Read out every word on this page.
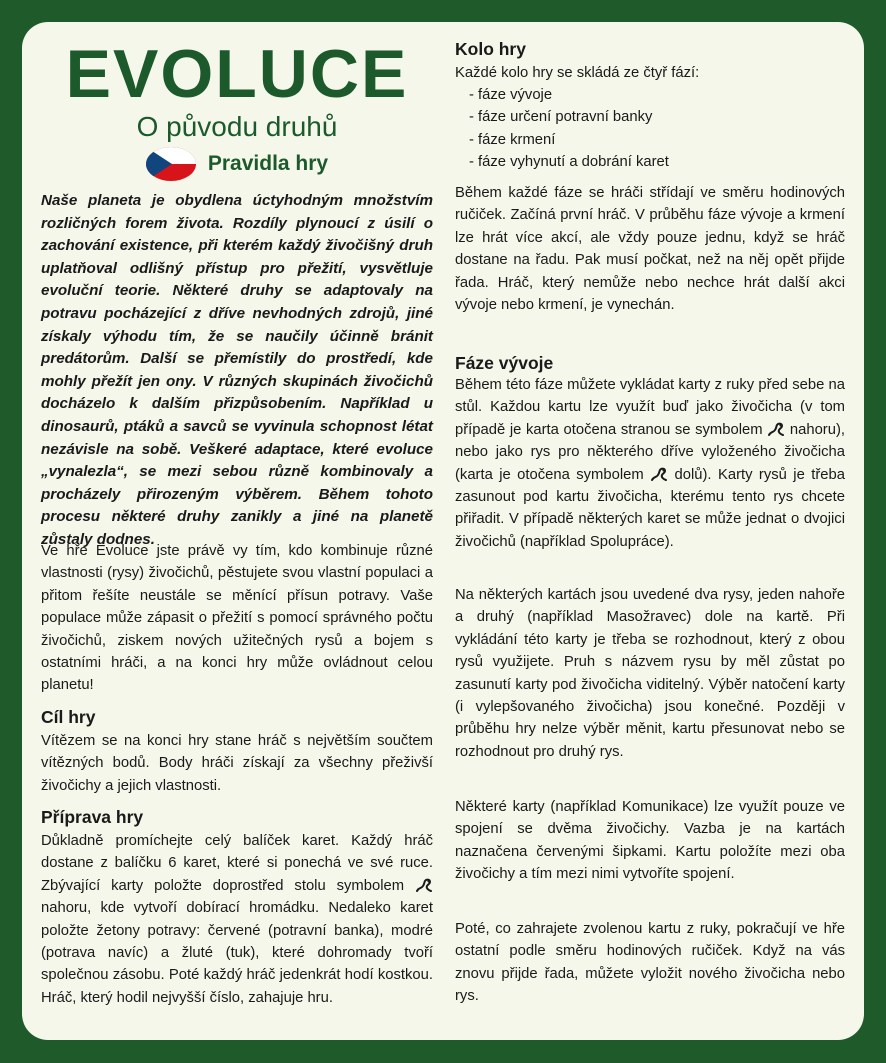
EVOLUCE
O původu druhů
Pravidla hry

Naše planeta je obydlena úctyhodným množstvím rozličných forem života. Rozdíly plynoucí z úsilí o zachování existence, při kterém každý živočišný druh uplatňoval odlišný přístup pro přežití, vysvětluje evoluční teorie. Některé druhy se adaptovaly na potravu pocházející z dříve nevhodných zdrojů, jiné získaly výhodu tím, že se naučily účinně bránit predátorům. Další se přemístily do prostředí, kde mohly přežít jen ony. V různých skupinách živočichů docházelo k dalším přizpůsobením. Například u dinosaurů, ptáků a savců se vyvinula schopnost létat nezávisle na sobě. Veškeré adaptace, které evoluce „vynalezla“, se mezi sebou různě kombinovaly a procházely přirozeným výběrem. Během tohoto procesu některé druhy zanikly a jiné na planetě zůstaly dodnes.

Ve hře Evoluce jste právě vy tím, kdo kombinuje různé vlastnosti (rysy) živočichů, pěstujete svou vlastní populaci a přitom řešíte neustále se měnící přísun potravy. Vaše populace může zápasit o přežití s pomocí správného počtu živočichů, ziskem nových užitečných rysů a bojem s ostatními hráči, a na konci hry může ovládnout celou planetu!

Cíl hry

Vítězem se na konci hry stane hráč s největším součtem vítězných bodů. Body hráči získají za všechny přeživší živočichy a jejich vlastnosti.

Příprava hry

Důkladně promíchejte celý balíček karet. Každý hráč dostane z balíčku 6 karet, které si ponechá ve své ruce. Zbývající karty položte doprostřed stolu symbolem  nahoru, kde vytvoří dobírací hromádku. Nedaleko karet položte žetony potravy: červené (potravní banka), modré (potrava navíc) a žluté (tuk), které dohromady tvoří společnou zásobu. Poté každý hráč jedenkrát hodí kostkou. Hráč, který hodil nejvyšší číslo, zahajuje hru.

Kolo hry

Každé kolo hry se skládá ze čtyř fází:

- fáze vývoje
- fáze určení potravní banky
- fáze krmení
- fáze vyhynutí a dobrání karet

Během každé fáze se hráči střídají ve směru hodinových ručiček. Začíná první hráč. V průběhu fáze vývoje a krmení lze hrát více akcí, ale vždy pouze jednu, když se hráč dostane na řadu. Pak musí počkat, než na něj opět přijde řada. Hráč, který nemůže nebo nechce hrát další akci vývoje nebo krmení, je vynechán.

Fáze vývoje

Během této fáze můžete vykládat karty z ruky před sebe na stůl. Každou kartu lze využít buď jako živočicha (v tom případě je karta otočena stranou se symbolem nahoru), nebo jako rys pro některého dříve vyloženého živočicha (karta je otočena symbolem dolů). Karty rysů je třeba zasunout pod kartu živočicha, kterému tento rys chcete přiřadit. V případě některých karet se může jednat o dvojici živočichů (například Spolupráce).

Na některých kartách jsou uvedené dva rysy, jeden nahoře a druhý (například Masožravec) dole na kartě. Při vykládání této karty je třeba se rozhodnout, který z obou rysů využijete. Pruh s názvem rysu by měl zůstat po zasunutí karty pod živočicha viditelný. Výběr natočení karty (i vylepšovaného živočicha) jsou konečné. Později v průběhu hry nelze výběr měnit, kartu přesunovat nebo se rozhodnout pro druhý rys.

Některé karty (například Komunikace) lze využít pouze ve spojení se dvěma živočichy. Vazba je na kartách naznačena červenými šipkami. Kartu položíte mezi oba živočichy a tím mezi nimi vytvoříte spojení.

Poté, co zahrajete zvolenou kartu z ruky, pokračují ve hře ostatní podle směru hodinových ručiček. Když na vás znovu přijde řada, můžete vyložit nového živočicha nebo rys.
